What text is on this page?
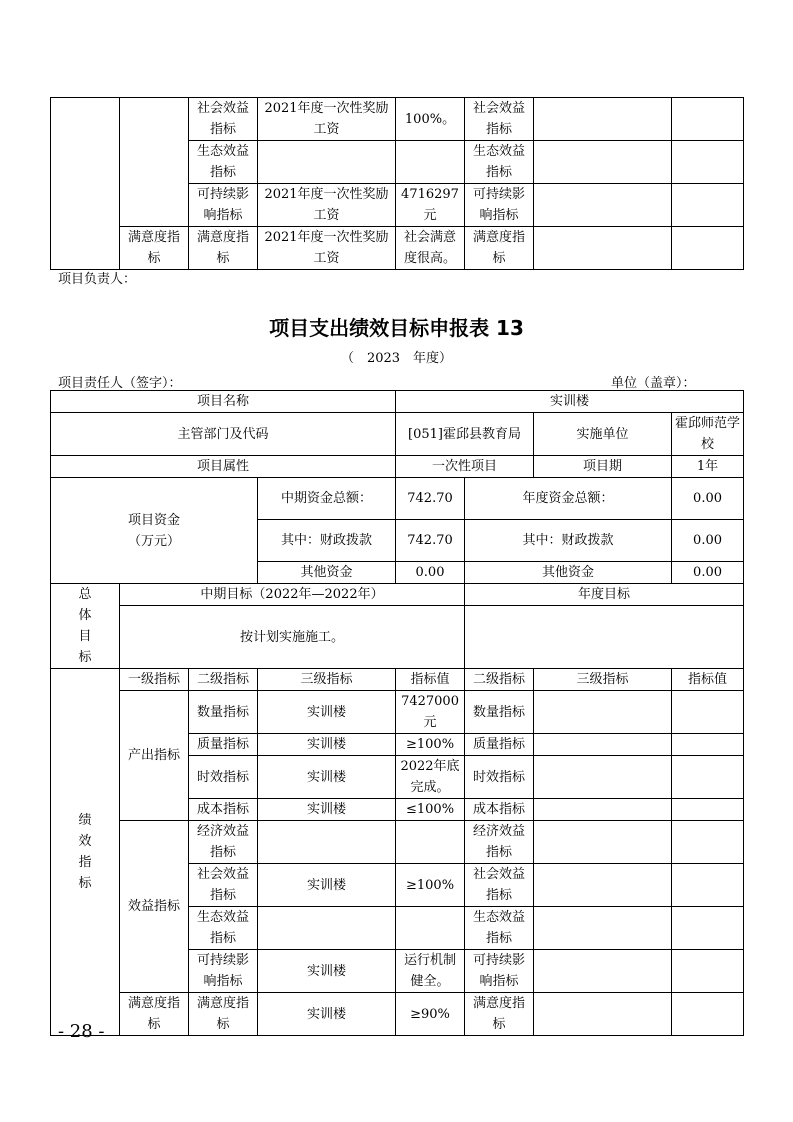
		社会效益指标	2021年度一次性奖励工资	100%。	社会效益指标		
		生态效益指标			生态效益指标		
		可持续影响指标	2021年度一次性奖励工资	4716297元	可持续影响指标		
	满意度指标	满意度指标	2021年度一次性奖励工资	社会满意度很高。	满意度指标		
项目负责人：
项目支出绩效目标申报表 13
（　2023　年度）
项目责任人（签字）：	单位（盖章）：
项目名称				实训楼			
主管部门及代码				[051]霍邱县教育局		实施单位	霍邱师范学校
项目属性				一次性项目		项目期	1年

项目资金
（万元）			中期资金总额：	742.70	年度资金总额：		0.00
			其中：财政拨款	742.70	其中：财政拨款		0.00
			其他资金	0.00	其他资金		0.00

总
体
目
标	中期目标（2022年—2022年）				年度目标		
	按计划实施施工。						

绩
效
指
标	一级指标	二级指标	三级指标	指标值	二级指标	三级指标	指标值
	产出指标	数量指标	实训楼	7427000元	数量指标		
		质量指标	实训楼	≥100%	质量指标		
		时效指标	实训楼	2022年底完成。	时效指标		
		成本指标	实训楼	≤100%	成本指标		
	效益指标	经济效益指标			经济效益指标		
		社会效益指标	实训楼	≥100%	社会效益指标		
		生态效益指标			生态效益指标		
		可持续影响指标	实训楼	运行机制健全。	可持续影响指标		
	满意度指标	满意度指标	实训楼	≥90%	满意度指标		
- 28 -
